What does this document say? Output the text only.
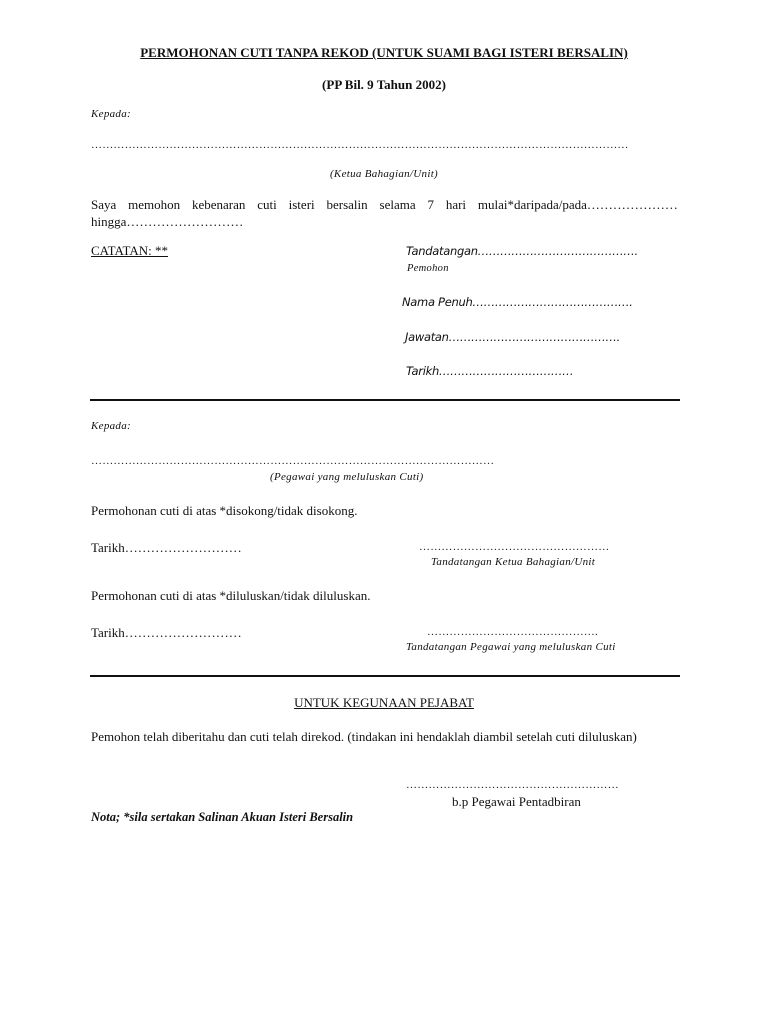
PERMOHONAN CUTI TANPA REKOD (UNTUK SUAMI BAGI ISTERI BERSALIN)
(PP Bil. 9 Tahun 2002)
Kepada:
………………………………………………………………………………………………………………………………
(Ketua Bahagian/Unit)
Saya memohon kebenaran cuti isteri bersalin selama 7 hari mulai*daripada/pada…………………
hingga………………………
CATATAN: **	Tandatangan…………………………………….
Pemohon
Nama Penuh…………………………………….
Jawatan……………………………………….
Tarikh………………………………
Kepada:
………………………………………………………………………………………………
(Pegawai yang meluluskan Cuti)
Permohonan cuti di atas *disokong/tidak disokong.
Tarikh………………………	……………………………………………
Tandatangan Ketua Bahagian/Unit
Permohonan cuti di atas *diluluskan/tidak diluluskan.
Tarikh………………………	……………………………………….
Tandatangan Pegawai yang meluluskan Cuti
UNTUK KEGUNAAN PEJABAT
Pemohon telah diberitahu dan cuti telah direkod. (tindakan ini hendaklah diambil setelah cuti diluluskan)
…………………………………………………
b.p Pegawai Pentadbiran
Nota; *sila sertakan Salinan Akuan Isteri Bersalin
